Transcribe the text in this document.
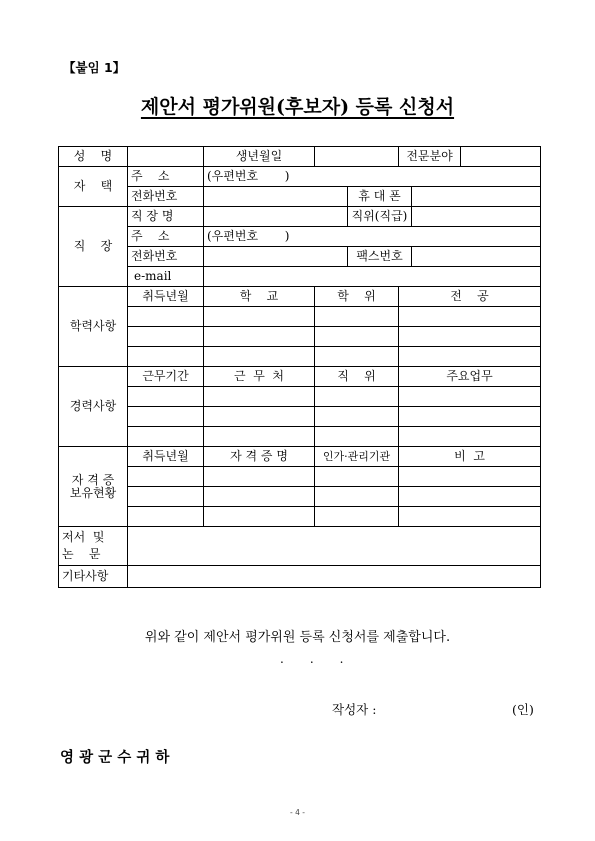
【붙임 1】
제안서 평가위원(후보자) 등록 신청서
성    명		생년월일			전문분야		
자    택	주    소	(우편번호       )					
	전화번호			휴 대 폰			
직    장	직 장 명			직위(직급)			
	주    소	(우편번호       )					
	전화번호			팩스번호			
	e-mail						
학력사항	취득년월	학    교	학    위		전    공		

경력사항	근무기간	근  무  처	직    위		주요업무		

자 격 증
보유현황	취득년월	자 격 증 명	인가·관리기관		비  고		

저서  및
논    문							
기타사항							
위와 같이 제안서 평가위원 등록 신청서를 제출합니다.
. . .
작성자 :	(인)
영광군수귀하
- 4 -
